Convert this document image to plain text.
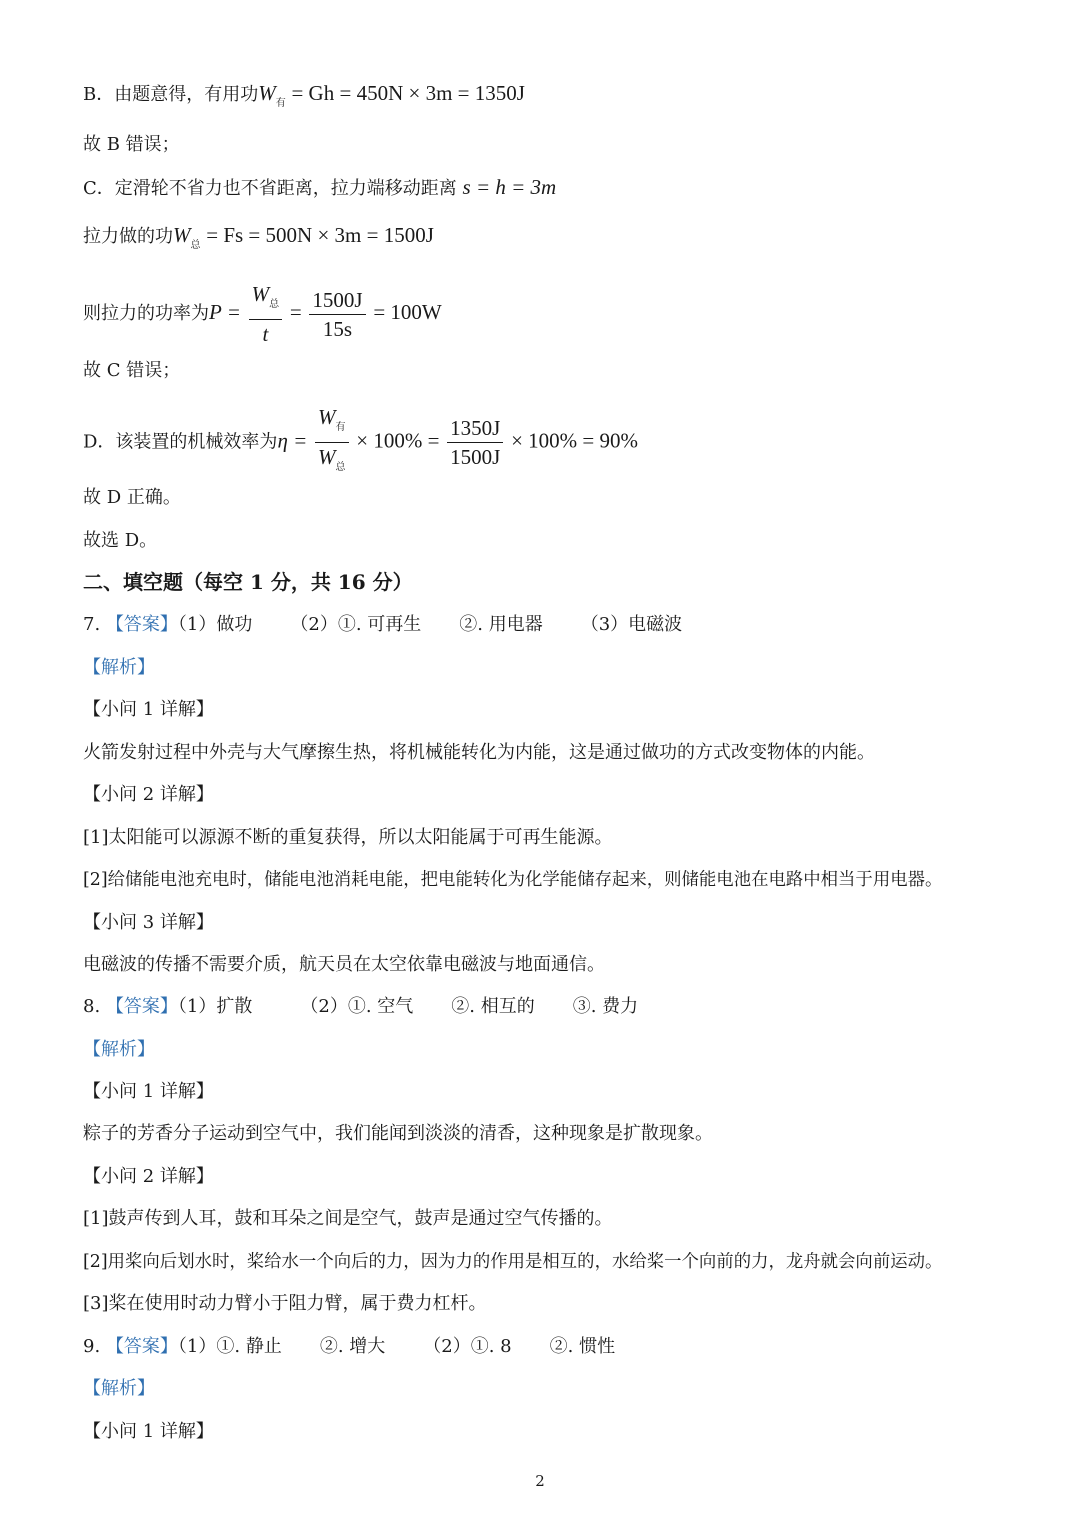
B．由题意得，有用功$W_有 = Gh = 450N \times 3m = 1350J$
故 B 错误；
C．定滑轮不省力也不省距离，拉力端移动距离 s = h = 3m
拉力做的功$W_总 = Fs = 500N \times 3m = 1500J$
则拉力的功率为$P = \frac{W_总}{t} = \frac{1500J}{15s} = 100W$
故 C 错误；
D．该装置的机械效率为$\eta = \frac{W_有}{W_总} \times 100\% = \frac{1350J}{1500J} \times 100\% = 90\%$
故 D 正确。
故选 D。
二、填空题（每空 1 分，共 16 分）
7. 【答案】（1）做功 （2）①. 可再生 ②. 用电器 （3）电磁波
【解析】
【小问 1 详解】
火箭发射过程中外壳与大气摩擦生热，将机械能转化为内能，这是通过做功的方式改变物体的内能。
【小问 2 详解】
[1]太阳能可以源源不断的重复获得，所以太阳能属于可再生能源。
[2]给储能电池充电时，储能电池消耗电能，把电能转化为化学能储存起来，则储能电池在电路中相当于用电器。
【小问 3 详解】
电磁波的传播不需要介质，航天员在太空依靠电磁波与地面通信。
8. 【答案】（1）扩散	（2）①. 空气 ②. 相互的 ③. 费力
【解析】
【小问 1 详解】
粽子的芳香分子运动到空气中，我们能闻到淡淡的清香，这种现象是扩散现象。
【小问 2 详解】
[1]鼓声传到人耳，鼓和耳朵之间是空气，鼓声是通过空气传播的。
[2]用桨向后划水时，桨给水一个向后的力，因为力的作用是相互的，水给桨一个向前的力，龙舟就会向前运动。
[3]桨在使用时动力臂小于阻力臂，属于费力杠杆。
9. 【答案】（1）①. 静止 ②. 增大 （2）①. 8 ②. 惯性
【解析】
【小问 1 详解】
2
